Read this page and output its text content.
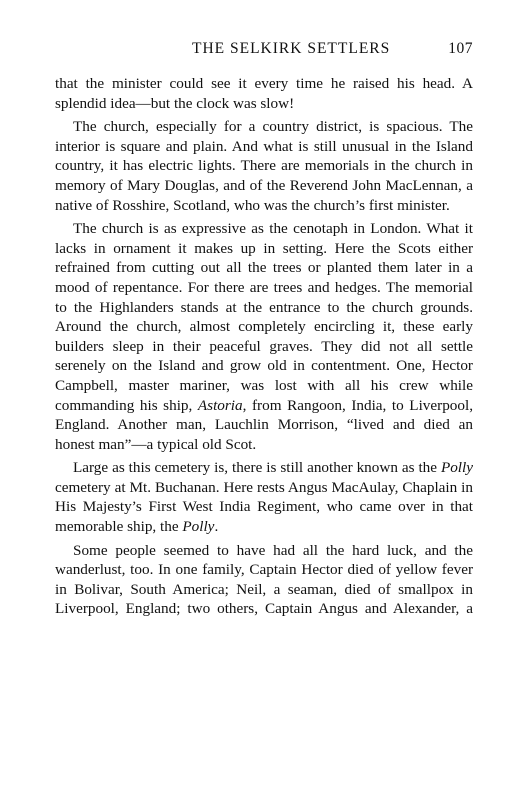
THE SELKIRK SETTLERS	107

that the minister could see it every time he raised his head. A splendid idea—but the clock was slow!

The church, especially for a country district, is spacious. The interior is square and plain. And what is still unusual in the Island country, it has electric lights. There are memorials in the church in memory of Mary Douglas, and of the Reverend John MacLennan, a native of Rosshire, Scotland, who was the church’s first minister.

The church is as expressive as the cenotaph in London. What it lacks in ornament it makes up in setting. Here the Scots either refrained from cutting out all the trees or planted them later in a mood of repentance. For there are trees and hedges. The memorial to the Highlanders stands at the entrance to the church grounds. Around the church, almost completely encircling it, these early builders sleep in their peaceful graves. They did not all settle serenely on the Island and grow old in contentment. One, Hector Campbell, master mariner, was lost with all his crew while commanding his ship, Astoria, from Rangoon, India, to Liverpool, England. Another man, Lauchlin Morrison, “lived and died an honest man”—a typical old Scot.

Large as this cemetery is, there is still another known as the Polly cemetery at Mt. Buchanan. Here rests Angus MacAulay, Chaplain in His Majesty’s First West India Regiment, who came over in that memorable ship, the Polly.

Some people seemed to have had all the hard luck, and the wanderlust, too. In one family, Captain Hector died of yellow fever in Bolivar, South America; Neil, a seaman, died of smallpox in Liverpool, England; two others, Captain Angus and Alexander, a
